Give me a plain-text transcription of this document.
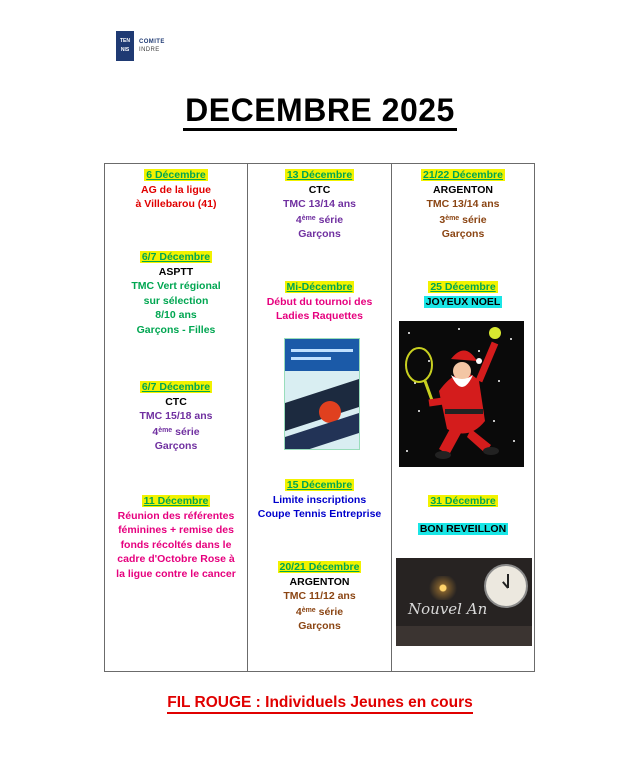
TEN
NIS
COMITE
INDRE
DECEMBRE 2025
6 Décembre
AG de la ligue
à Villebarou (41)
6/7 Décembre
ASPTT
TMC Vert régional
sur sélection
8/10 ans
Garçons - Filles
6/7 Décembre
CTC
TMC 15/18 ans
4ème série
Garçons
11 Décembre
Réunion des référentes
féminines + remise des
fonds récoltés dans le
cadre d'Octobre Rose à
la ligue contre le cancer
13 Décembre
CTC
TMC 13/14 ans
4ème série
Garçons
Mi-Décembre
Début du tournoi des
Ladies Raquettes
15 Décembre
Limite inscriptions
Coupe Tennis Entreprise
20/21 Décembre
ARGENTON
TMC 11/12 ans
4ème série
Garçons
21/22 Décembre
ARGENTON
TMC 13/14 ans
3ème série
Garçons
25 Décembre
JOYEUX NOEL
31 Décembre
BON REVEILLON
Nouvel An
FIL ROUGE : Individuels Jeunes en cours
